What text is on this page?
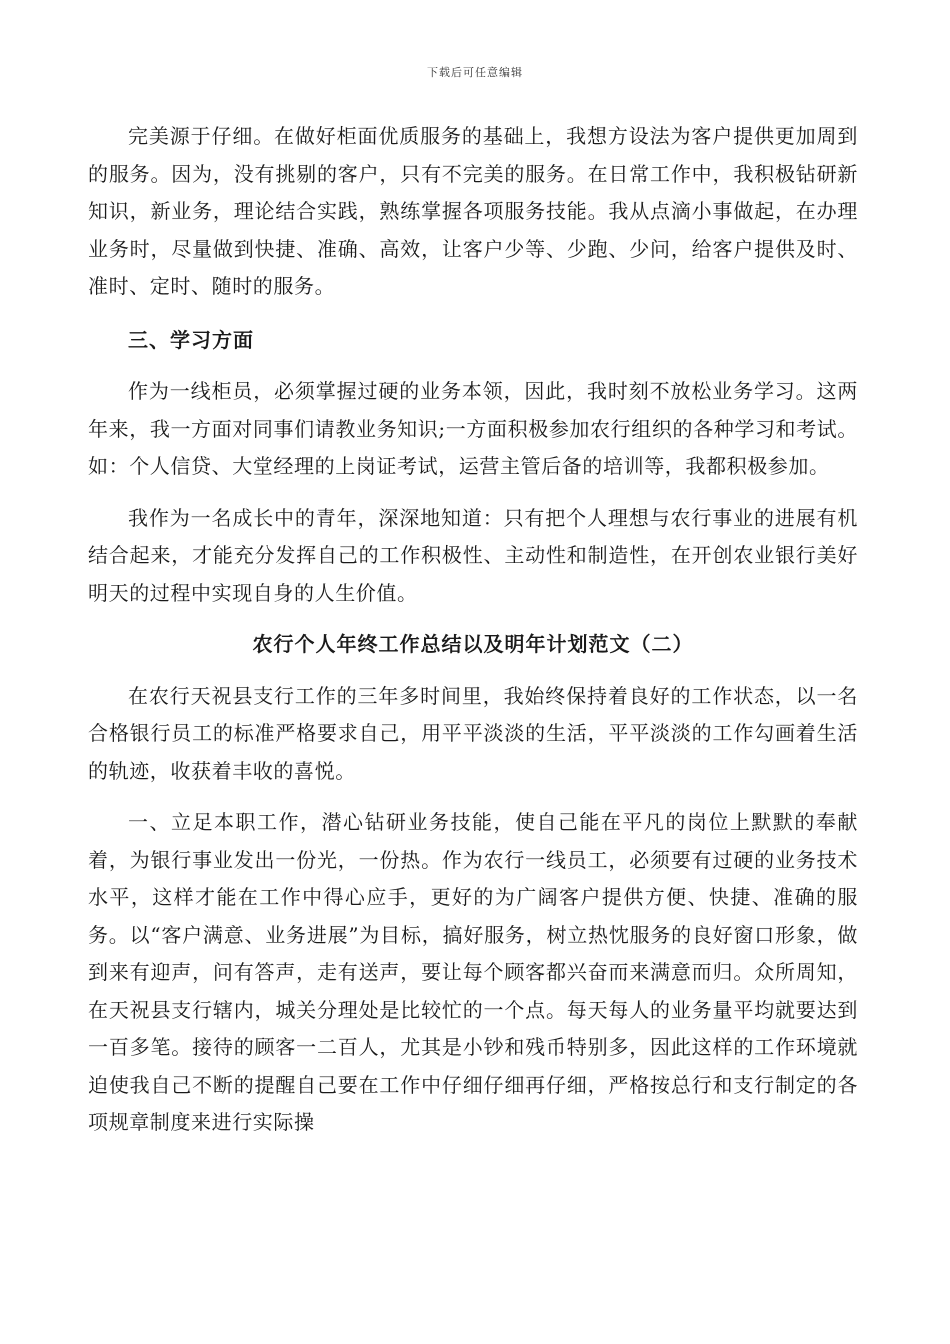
下载后可任意编辑

完美源于仔细。在做好柜面优质服务的基础上，我想方设法为客户提供更加周到的服务。因为，没有挑剔的客户，只有不完美的服务。在日常工作中，我积极钻研新知识，新业务，理论结合实践，熟练掌握各项服务技能。我从点滴小事做起，在办理业务时，尽量做到快捷、准确、高效，让客户少等、少跑、少问，给客户提供及时、准时、定时、随时的服务。

三、学习方面

作为一线柜员，必须掌握过硬的业务本领，因此，我时刻不放松业务学习。这两年来，我一方面对同事们请教业务知识;一方面积极参加农行组织的各种学习和考试。如：个人信贷、大堂经理的上岗证考试，运营主管后备的培训等，我都积极参加。

我作为一名成长中的青年，深深地知道：只有把个人理想与农行事业的进展有机结合起来，才能充分发挥自己的工作积极性、主动性和制造性，在开创农业银行美好明天的过程中实现自身的人生价值。

农行个人年终工作总结以及明年计划范文（二）

在农行天祝县支行工作的三年多时间里，我始终保持着良好的工作状态，以一名合格银行员工的标准严格要求自己，用平平淡淡的生活，平平淡淡的工作勾画着生活的轨迹，收获着丰收的喜悦。

一、立足本职工作，潜心钻研业务技能，使自己能在平凡的岗位上默默的奉献着，为银行事业发出一份光，一份热。作为农行一线员工，必须要有过硬的业务技术水平，这样才能在工作中得心应手，更好的为广阔客户提供方便、快捷、准确的服务。以“客户满意、业务进展”为目标，搞好服务，树立热忱服务的良好窗口形象，做到来有迎声，问有答声，走有送声，要让每个顾客都兴奋而来满意而归。众所周知，在天祝县支行辖内，城关分理处是比较忙的一个点。每天每人的业务量平均就要达到一百多笔。接待的顾客一二百人，尤其是小钞和残币特别多，因此这样的工作环境就迫使我自己不断的提醒自己要在工作中仔细仔细再仔细，严格按总行和支行制定的各项规章制度来进行实际操
